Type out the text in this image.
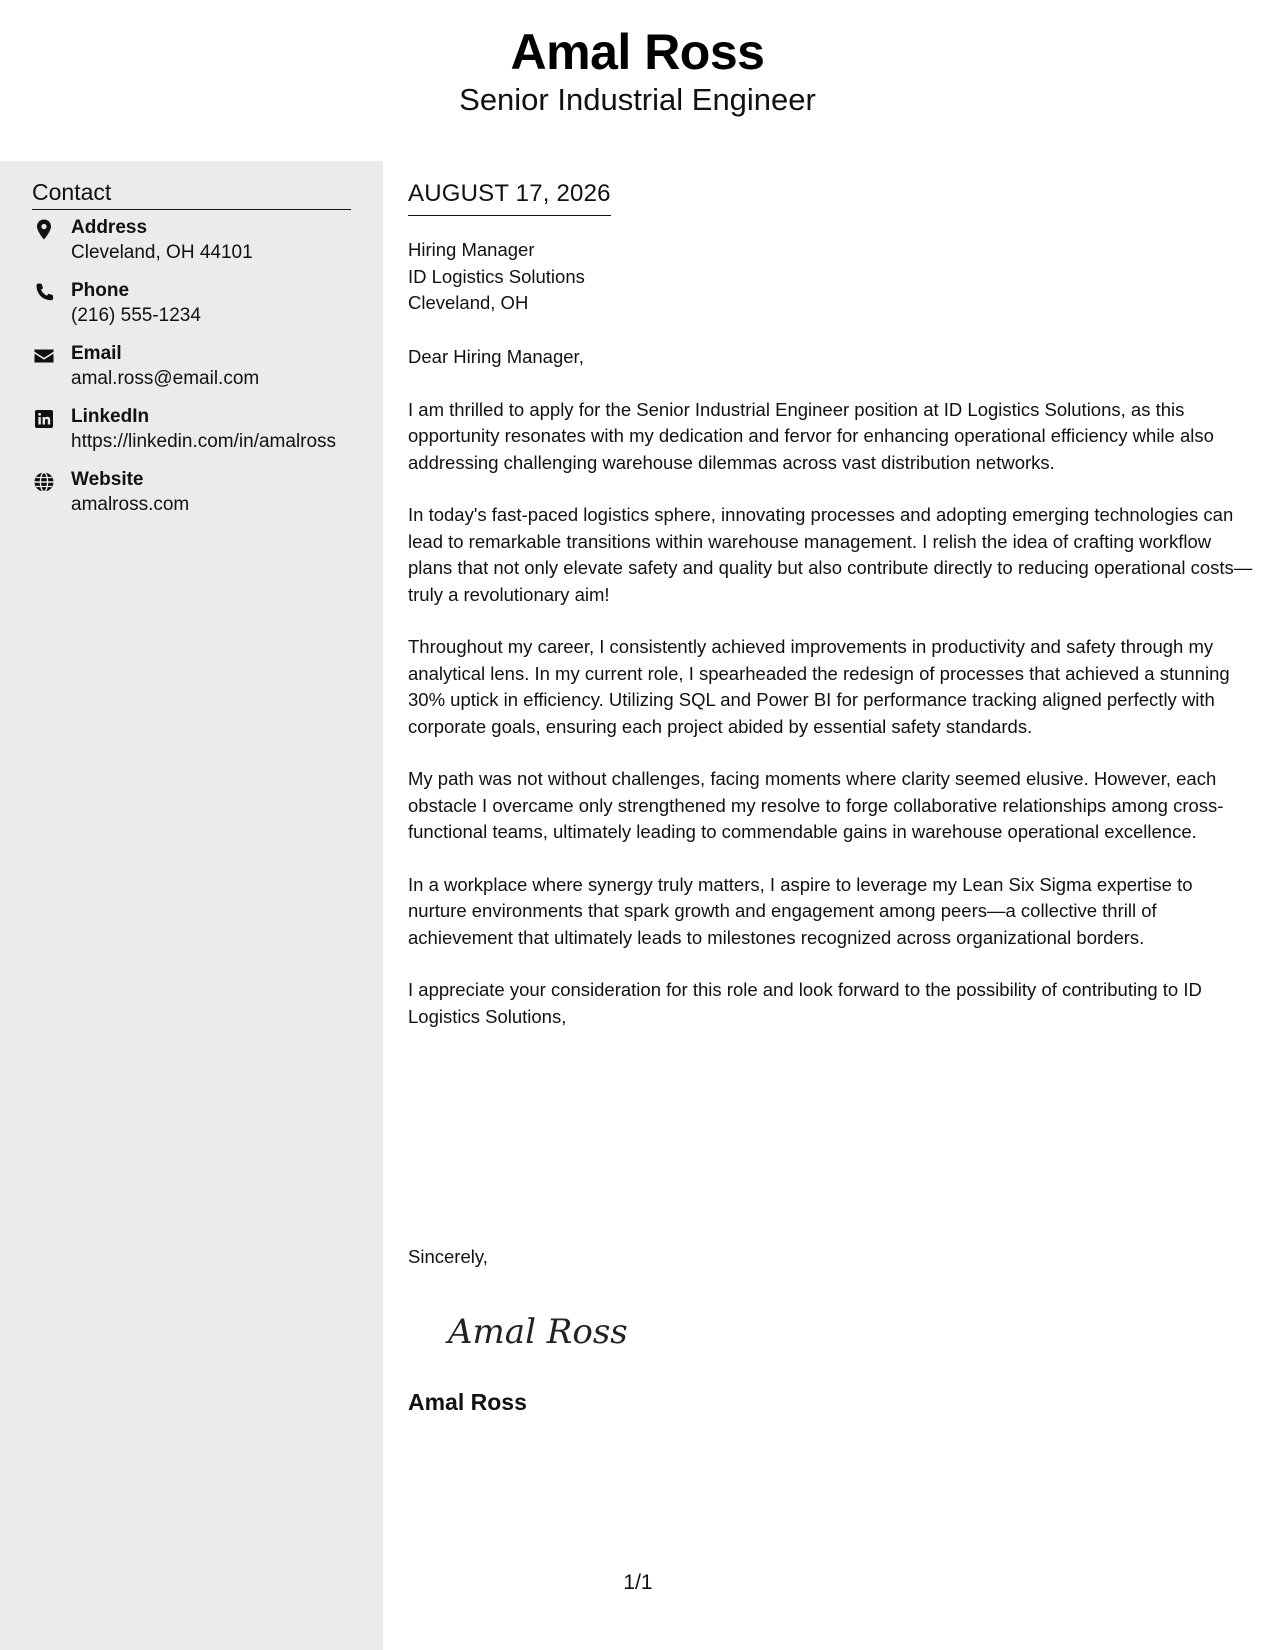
Amal Ross
Senior Industrial Engineer
Contact
Address
Cleveland, OH 44101
Phone
(216) 555-1234
Email
amal.ross@email.com
LinkedIn
https://linkedin.com/in/amalross
Website
amalross.com
AUGUST 17, 2026
Hiring Manager
ID Logistics Solutions
Cleveland, OH

Dear Hiring Manager,

I am thrilled to apply for the Senior Industrial Engineer position at ID Logistics Solutions, as this opportunity resonates with my dedication and fervor for enhancing operational efficiency while also addressing challenging warehouse dilemmas across vast distribution networks.

In today's fast-paced logistics sphere, innovating processes and adopting emerging technologies can lead to remarkable transitions within warehouse management. I relish the idea of crafting workflow plans that not only elevate safety and quality but also contribute directly to reducing operational costs—truly a revolutionary aim!

Throughout my career, I consistently achieved improvements in productivity and safety through my analytical lens. In my current role, I spearheaded the redesign of processes that achieved a stunning 30% uptick in efficiency. Utilizing SQL and Power BI for performance tracking aligned perfectly with corporate goals, ensuring each project abided by essential safety standards.

My path was not without challenges, facing moments where clarity seemed elusive. However, each obstacle I overcame only strengthened my resolve to forge collaborative relationships among cross-functional teams, ultimately leading to commendable gains in warehouse operational excellence.

In a workplace where synergy truly matters, I aspire to leverage my Lean Six Sigma expertise to nurture environments that spark growth and engagement among peers—a collective thrill of achievement that ultimately leads to milestones recognized across organizational borders.

I appreciate your consideration for this role and look forward to the possibility of contributing to ID Logistics Solutions,

Sincerely,
Amal Ross
Amal Ross
1/1
